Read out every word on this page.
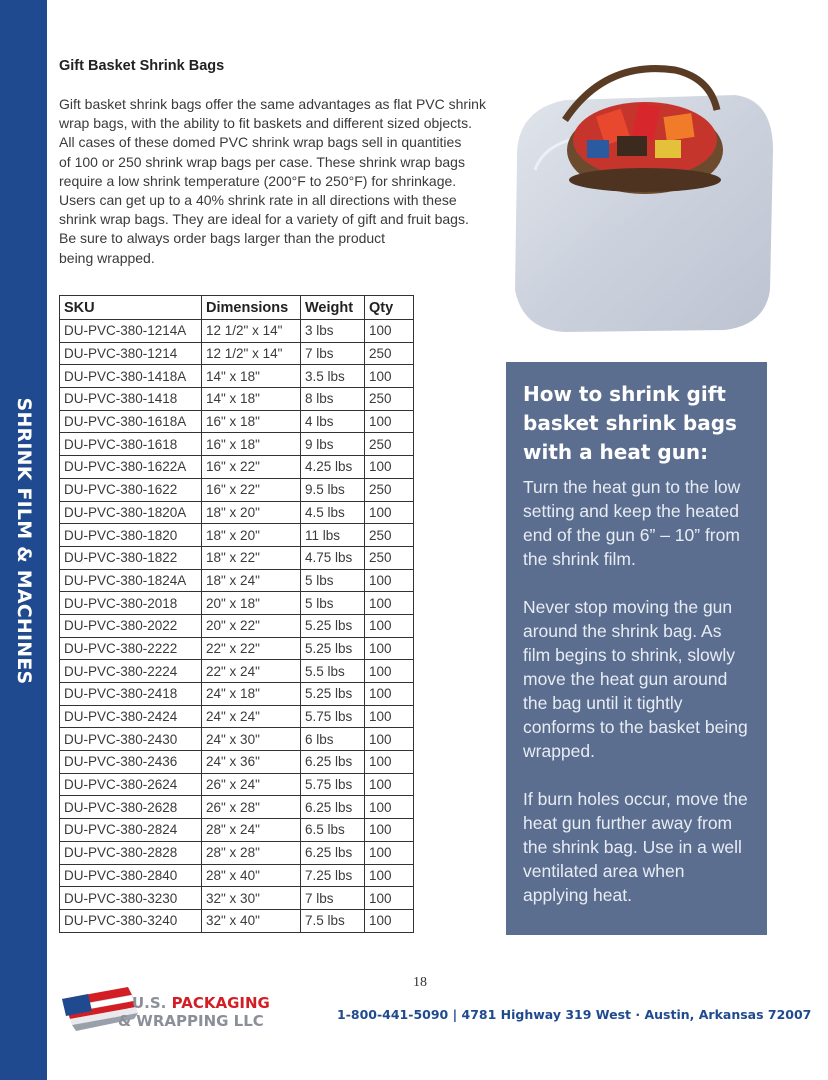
SHRINK FILM & MACHINES
Gift Basket Shrink Bags
Gift basket shrink bags offer the same advantages as flat PVC shrink
wrap bags, with the ability to fit baskets and different sized objects.
All cases of these domed PVC shrink wrap bags sell in quantities
of 100 or 250 shrink wrap bags per case. These shrink wrap bags
require a low shrink temperature (200°F to 250°F) for shrinkage.
Users can get up to a 40% shrink rate in all directions with these
shrink wrap bags. They are ideal for a variety of gift and fruit bags.
Be sure to always order bags larger than the product
being wrapped.
SKU	Dimensions	Weight	Qty
DU-PVC-380-1214A	12 1/2" x 14"	3 lbs	100
DU-PVC-380-1214	12 1/2" x 14"	7 lbs	250
DU-PVC-380-1418A	14" x 18"	3.5 lbs	100
DU-PVC-380-1418	14" x 18"	8 lbs	250
DU-PVC-380-1618A	16" x 18"	4 lbs	100
DU-PVC-380-1618	16" x 18"	9 lbs	250
DU-PVC-380-1622A	16" x 22"	4.25 lbs	100
DU-PVC-380-1622	16" x 22"	9.5 lbs	250
DU-PVC-380-1820A	18" x 20"	4.5 lbs	100
DU-PVC-380-1820	18" x 20"	11 lbs	250
DU-PVC-380-1822	18" x 22"	4.75 lbs	250
DU-PVC-380-1824A	18" x 24"	5 lbs	100
DU-PVC-380-2018	20" x 18"	5 lbs	100
DU-PVC-380-2022	20" x 22"	5.25 lbs	100
DU-PVC-380-2222	22" x 22"	5.25 lbs	100
DU-PVC-380-2224	22" x 24"	5.5 lbs	100
DU-PVC-380-2418	24" x 18"	5.25 lbs	100
DU-PVC-380-2424	24" x 24"	5.75 lbs	100
DU-PVC-380-2430	24" x 30"	6 lbs	100
DU-PVC-380-2436	24" x 36"	6.25 lbs	100
DU-PVC-380-2624	26" x 24"	5.75 lbs	100
DU-PVC-380-2628	26" x 28"	6.25 lbs	100
DU-PVC-380-2824	28" x 24"	6.5 lbs	100
DU-PVC-380-2828	28" x 28"	6.25 lbs	100
DU-PVC-380-2840	28" x 40"	7.25 lbs	100
DU-PVC-380-3230	32" x 30"	7 lbs	100
DU-PVC-380-3240	32" x 40"	7.5 lbs	100
How to shrink gift basket shrink bags with a heat gun:

Turn the heat gun to the low setting and keep the heated end of the gun 6” – 10” from the shrink film.

Never stop moving the gun around the shrink bag. As film begins to shrink, slowly move the heat gun around the bag until it tightly conforms to the basket being wrapped.

If burn holes occur, move the heat gun further away from the shrink bag. Use in a well ventilated area when applying heat.

18
U.S. PACKAGING
& WRAPPING LLC	1-800-441-5090 | 4781 Highway 319 West · Austin, Arkansas 72007
